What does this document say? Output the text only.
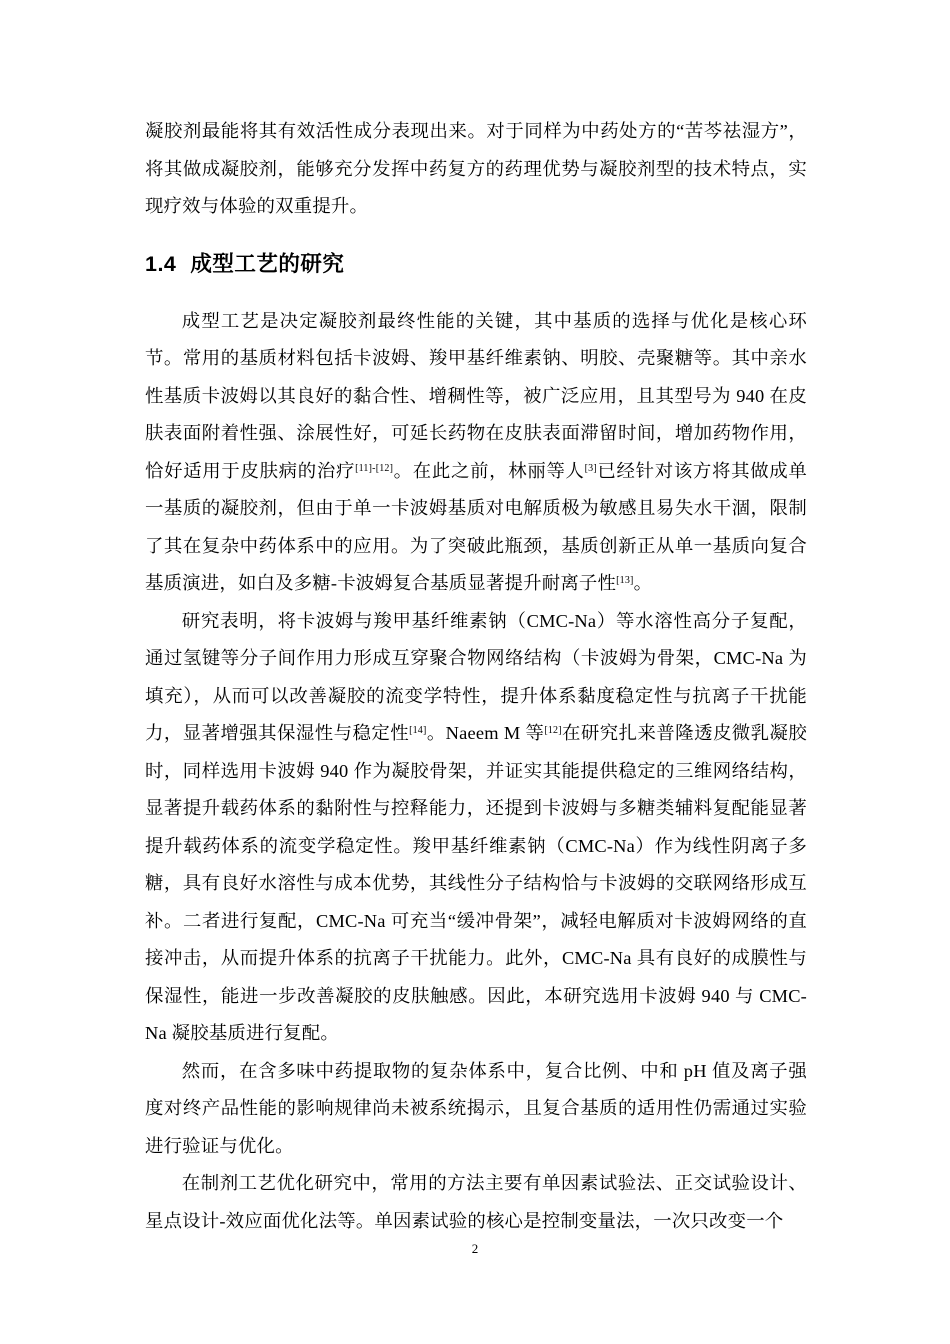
凝胶剂最能将其有效活性成分表现出来。对于同样为中药处方的“苦芩祛湿方”，将其做成凝胶剂，能够充分发挥中药复方的药理优势与凝胶剂型的技术特点，实现疗效与体验的双重提升。

1.4 成型工艺的研究

成型工艺是决定凝胶剂最终性能的关键，其中基质的选择与优化是核心环节。常用的基质材料包括卡波姆、羧甲基纤维素钠、明胶、壳聚糖等。其中亲水性基质卡波姆以其良好的黏合性、增稠性等，被广泛应用，且其型号为 940 在皮肤表面附着性强、涂展性好，可延长药物在皮肤表面滞留时间，增加药物作用，恰好适用于皮肤病的治疗[11]-[12]。在此之前，林丽等人[3]已经针对该方将其做成单一基质的凝胶剂，但由于单一卡波姆基质对电解质极为敏感且易失水干涸，限制了其在复杂中药体系中的应用。为了突破此瓶颈，基质创新正从单一基质向复合基质演进，如白及多糖-卡波姆复合基质显著提升耐离子性[13]。

研究表明，将卡波姆与羧甲基纤维素钠（CMC-Na）等水溶性高分子复配，通过氢键等分子间作用力形成互穿聚合物网络结构（卡波姆为骨架，CMC-Na 为填充），从而可以改善凝胶的流变学特性，提升体系黏度稳定性与抗离子干扰能力，显著增强其保湿性与稳定性[14]。Naeem M 等[12]在研究扎来普隆透皮微乳凝胶时，同样选用卡波姆 940 作为凝胶骨架，并证实其能提供稳定的三维网络结构，显著提升载药体系的黏附性与控释能力，还提到卡波姆与多糖类辅料复配能显著提升载药体系的流变学稳定性。羧甲基纤维素钠（CMC-Na）作为线性阴离子多糖，具有良好水溶性与成本优势，其线性分子结构恰与卡波姆的交联网络形成互补。二者进行复配，CMC-Na 可充当“缓冲骨架”，减轻电解质对卡波姆网络的直接冲击，从而提升体系的抗离子干扰能力。此外，CMC-Na 具有良好的成膜性与保湿性，能进一步改善凝胶的皮肤触感。因此，本研究选用卡波姆 940 与 CMC-Na 凝胶基质进行复配。

然而，在含多味中药提取物的复杂体系中，复合比例、中和 pH 值及离子强度对终产品性能的影响规律尚未被系统揭示，且复合基质的适用性仍需通过实验进行验证与优化。

在制剂工艺优化研究中，常用的方法主要有单因素试验法、正交试验设计、星点设计-效应面优化法等。单因素试验的核心是控制变量法，一次只改变一个

2
